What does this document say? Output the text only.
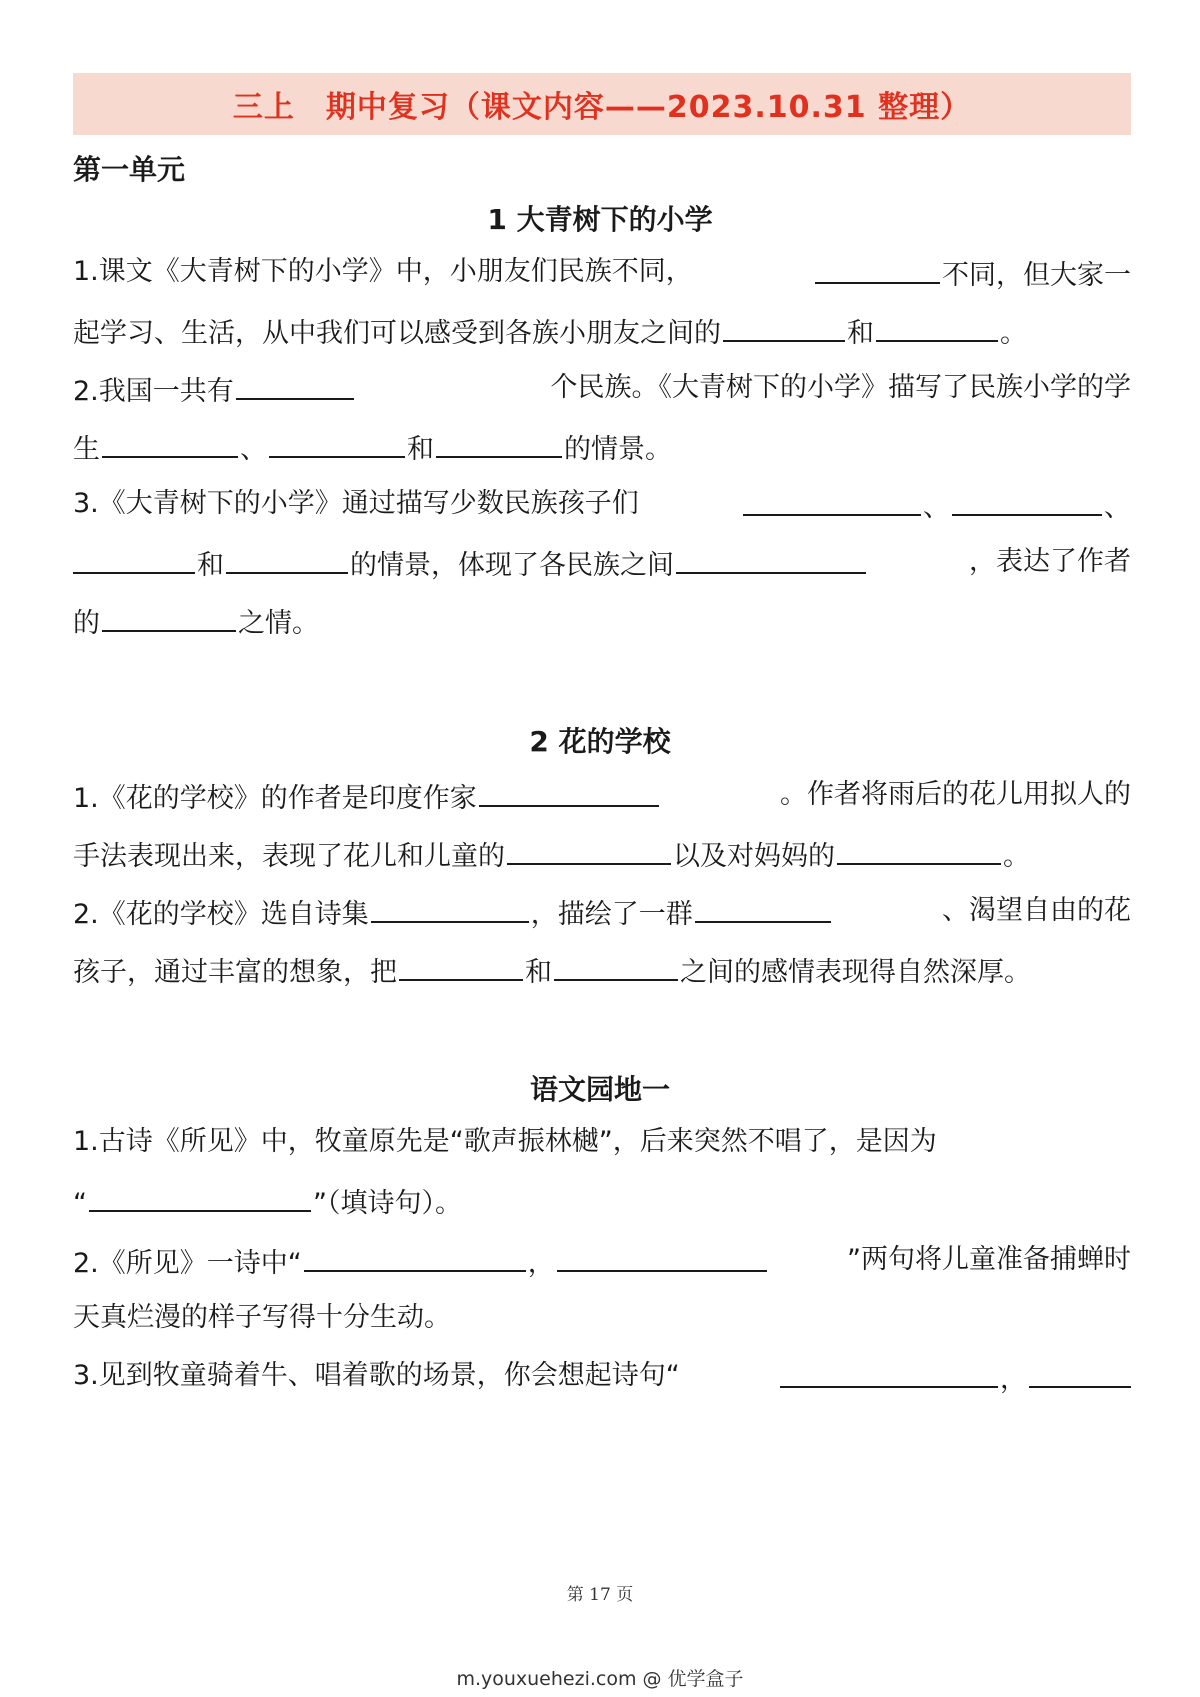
三上　期中复习（课文内容——2023.10.31 整理）
第一单元
1 大青树下的小学
1.课文《大青树下的小学》中，小朋友们民族不同，	不同，但大家一
起学习、生活，从中我们可以感受到各族小朋友之间的	和	。
2.我国一共有	个民族。《大青树下的小学》描写了民族小学的学
生	、	和	的情景。
3.《大青树下的小学》通过描写少数民族孩子们	、	、
和	的情景，体现了各民族之间	，表达了作者
的	之情。
2 花的学校
1.《花的学校》的作者是印度作家	。作者将雨后的花儿用拟人的
手法表现出来，表现了花儿和儿童的	以及对妈妈的	。
2.《花的学校》选自诗集	，描绘了一群	、渴望自由的花
孩子，通过丰富的想象，把	和	之间的感情表现得自然深厚。
语文园地一
1.古诗《所见》中，牧童原先是“歌声振林樾”，后来突然不唱了，是因为
“	”（填诗句）。
2.《所见》一诗中“	，	”两句将儿童准备捕蝉时
天真烂漫的样子写得十分生动。
3.见到牧童骑着牛、唱着歌的场景，你会想起诗句“	，
第 17 页
m.youxuehezi.com @ 优学盒子
